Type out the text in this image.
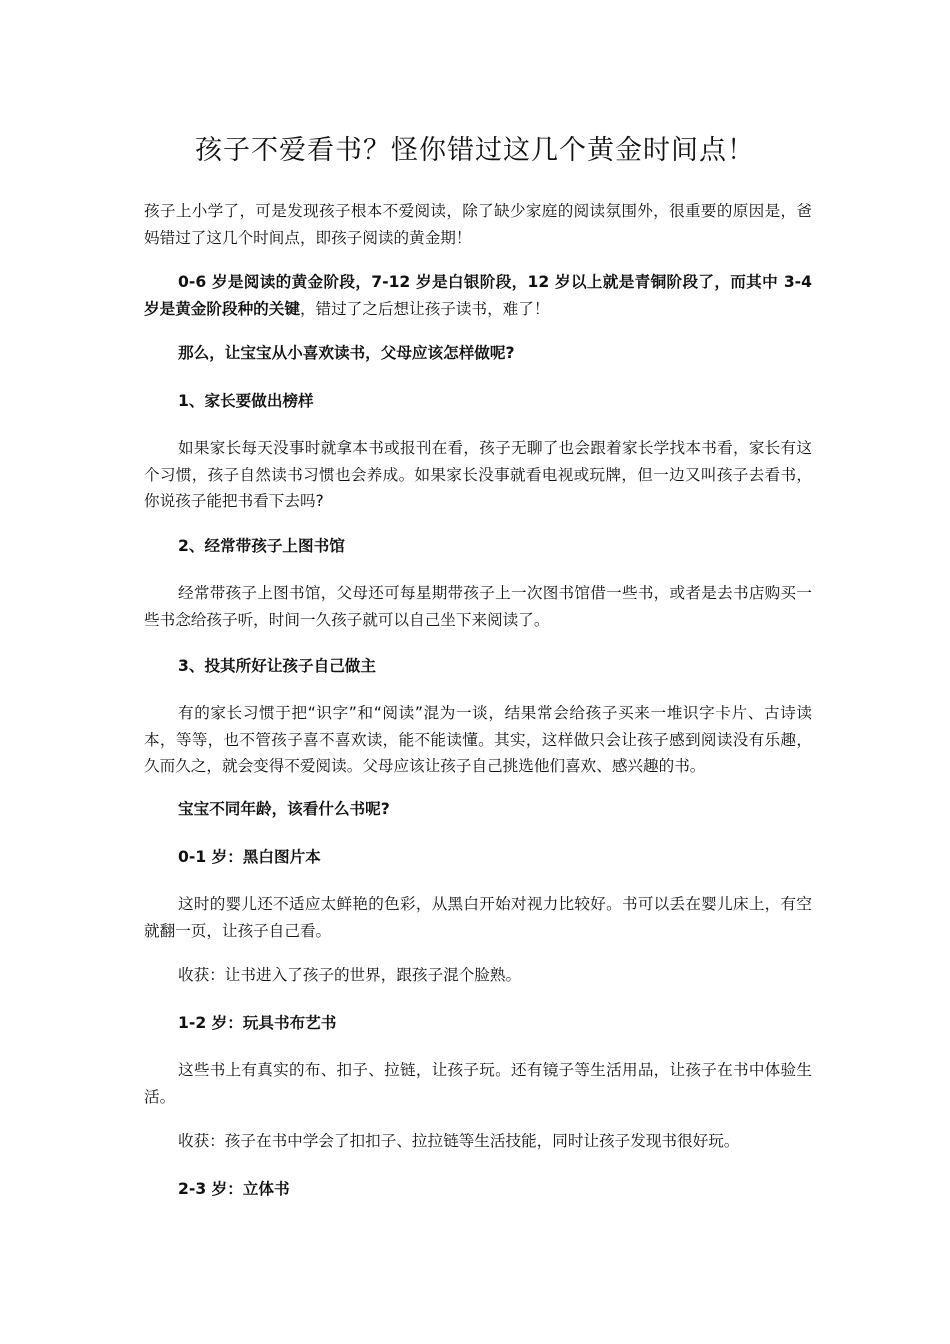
孩子不爱看书？怪你错过这几个黄金时间点！

孩子上小学了，可是发现孩子根本不爱阅读，除了缺少家庭的阅读氛围外，很重要的原因是，爸妈错过了这几个时间点，即孩子阅读的黄金期！

0-6 岁是阅读的黄金阶段，7-12 岁是白银阶段，12 岁以上就是青铜阶段了，而其中 3-4 岁是黄金阶段种的关键，错过了之后想让孩子读书，难了！

那么，让宝宝从小喜欢读书，父母应该怎样做呢?

1、家长要做出榜样

如果家长每天没事时就拿本书或报刊在看，孩子无聊了也会跟着家长学找本书看，家长有这个习惯，孩子自然读书习惯也会养成。如果家长没事就看电视或玩牌，但一边又叫孩子去看书，你说孩子能把书看下去吗?

2、经常带孩子上图书馆

经常带孩子上图书馆，父母还可每星期带孩子上一次图书馆借一些书，或者是去书店购买一些书念给孩子听，时间一久孩子就可以自己坐下来阅读了。

3、投其所好让孩子自己做主

有的家长习惯于把“识字”和“阅读”混为一谈，结果常会给孩子买来一堆识字卡片、古诗读本，等等，也不管孩子喜不喜欢读，能不能读懂。其实，这样做只会让孩子感到阅读没有乐趣，久而久之，就会变得不爱阅读。父母应该让孩子自己挑选他们喜欢、感兴趣的书。

宝宝不同年龄，该看什么书呢?

0-1 岁：黑白图片本

这时的婴儿还不适应太鲜艳的色彩，从黑白开始对视力比较好。书可以丢在婴儿床上，有空就翻一页，让孩子自己看。

收获：让书进入了孩子的世界，跟孩子混个脸熟。

1-2 岁：玩具书布艺书

这些书上有真实的布、扣子、拉链，让孩子玩。还有镜子等生活用品，让孩子在书中体验生活。

收获：孩子在书中学会了扣扣子、拉拉链等生活技能，同时让孩子发现书很好玩。

2-3 岁：立体书
